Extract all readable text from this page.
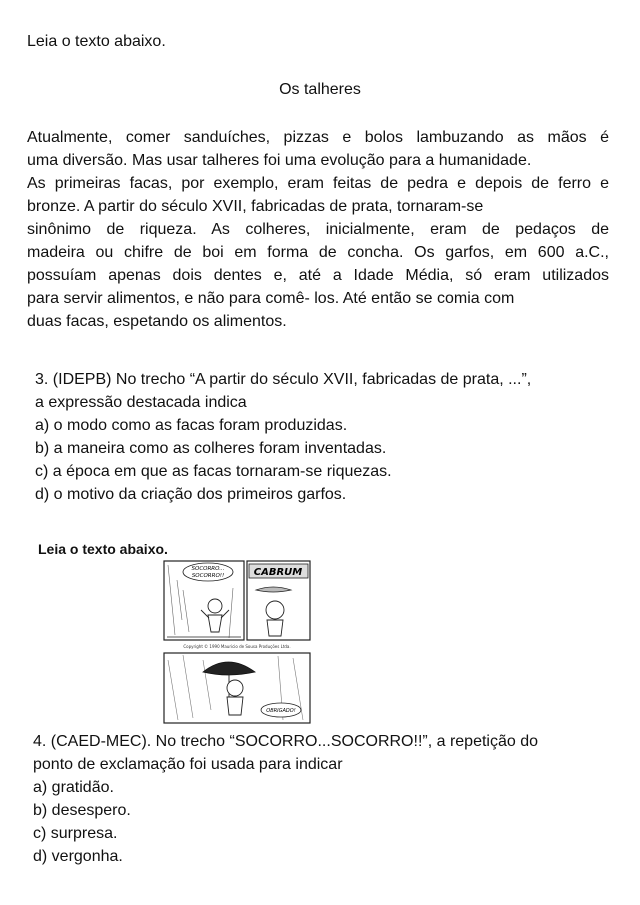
Leia o texto abaixo.
Os talheres
Atualmente, comer sanduíches, pizzas e bolos lambuzando as mãos é
uma diversão. Mas usar talheres foi uma evolução para a humanidade.
As primeiras facas, por exemplo, eram feitas de pedra e depois de ferro e
bronze. A partir do século XVII, fabricadas de prata, tornaram-se
sinônimo de riqueza. As colheres, inicialmente, eram de pedaços de
madeira ou chifre de boi em forma de concha. Os garfos, em 600 a.C.,
possuíam apenas dois dentes e, até a Idade Média, só eram utilizados
para servir alimentos, e não para comê- los. Até então se comia com
duas facas, espetando os alimentos.
3. (IDEPB) No trecho “A partir do século XVII, fabricadas de prata, ...”,
a expressão destacada indica
a) o modo como as facas foram produzidas.
b) a maneira como as colheres foram inventadas.
c) a época em que as facas tornaram-se riquezas.
d) o motivo da criação dos primeiros garfos.
Leia o texto abaixo.
SOCORRO...
SOCORRO!!	CABRUM
Copyright © 1990 Mauricio de Sousa Produções Ltda.
OBRIGADO!
4. (CAED-MEC). No trecho “SOCORRO...SOCORRO!!”, a repetição do
ponto de exclamação foi usada para indicar
a) gratidão.
b) desespero.
c) surpresa.
d) vergonha.
